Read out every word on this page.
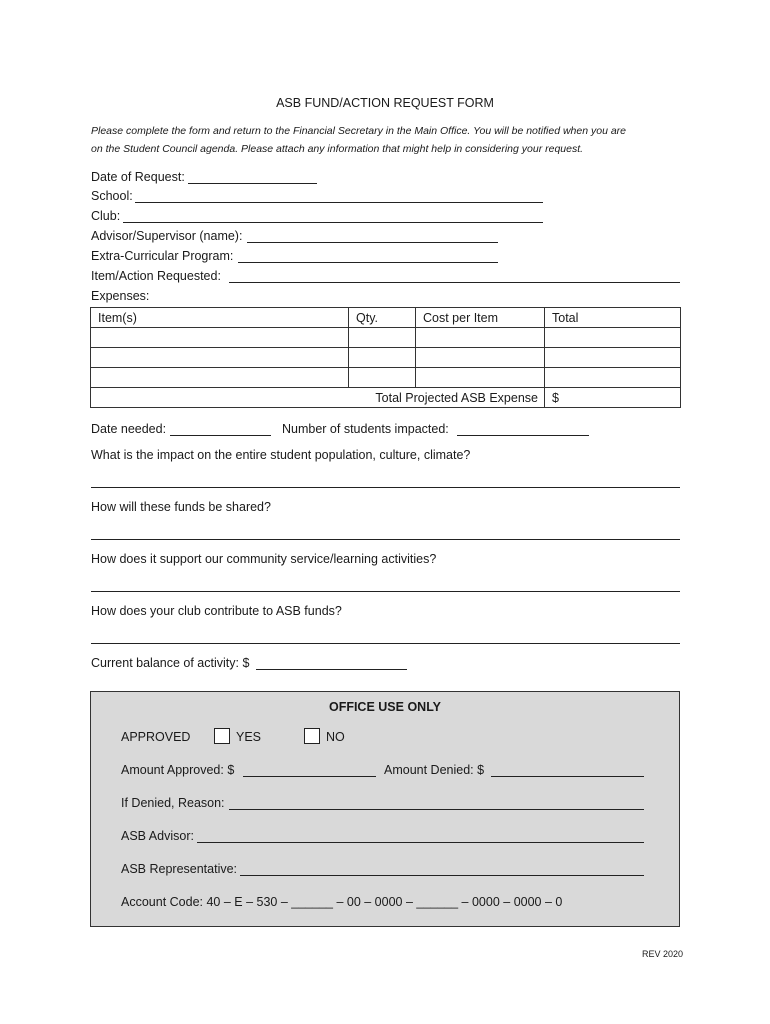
ASB FUND/ACTION REQUEST FORM
Please complete the form and return to the Financial Secretary in the Main Office. You will be notified when you are
on the Student Council agenda. Please attach any information that might help in considering your request.
Date of Request:
School:
Club:
Advisor/Supervisor (name):
Extra-Curricular Program:
Item/Action Requested:
Expenses:
Item(s)	Qty.	Cost per Item	Total

Total Projected ASB Expense			$
Date needed:	Number of students impacted:
What is the impact on the entire student population, culture, climate?
How will these funds be shared?
How does it support our community service/learning activities?
How does your club contribute to ASB funds?
Current balance of activity: $
OFFICE USE ONLY
APPROVED	YES	NO
Amount Approved: $	Amount Denied: $
If Denied, Reason:
ASB Advisor:
ASB Representative:
Account Code: 40 – E – 530 – ______ – 00 – 0000 – ______ – 0000 – 0000 – 0
REV 2020
